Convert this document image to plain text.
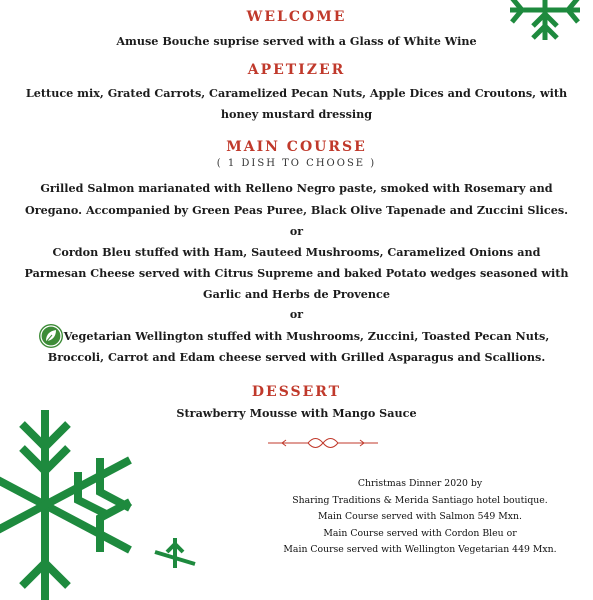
WELCOME
Amuse Bouche suprise served with a Glass of White Wine
APETIZER
Lettuce mix, Grated Carrots, Caramelized Pecan Nuts, Apple Dices and Croutons, with
honey mustard dressing
MAIN COURSE
( 1 DISH TO CHOOSE )
Grilled Salmon marianated with Relleno Negro paste, smoked with Rosemary and
Oregano. Accompanied by Green Peas Puree, Black Olive Tapenade and Zuccini Slices.
or
Cordon Bleu stuffed with Ham, Sauteed Mushrooms, Caramelized Onions and
Parmesan Cheese served with Citrus Supreme and baked Potato wedges seasoned with
Garlic and Herbs de Provence
or
Vegetarian Wellington stuffed with Mushrooms, Zuccini, Toasted Pecan Nuts,
Broccoli, Carrot and Edam cheese served with Grilled Asparagus and Scallions.
DESSERT
Strawberry Mousse with Mango Sauce
Christmas Dinner 2020 by
Sharing Traditions & Merida Santiago hotel boutique.
Main Course served with Salmon 549 Mxn.
Main Course served with Cordon Bleu or
Main Course served with Wellington Vegetarian 449 Mxn.
